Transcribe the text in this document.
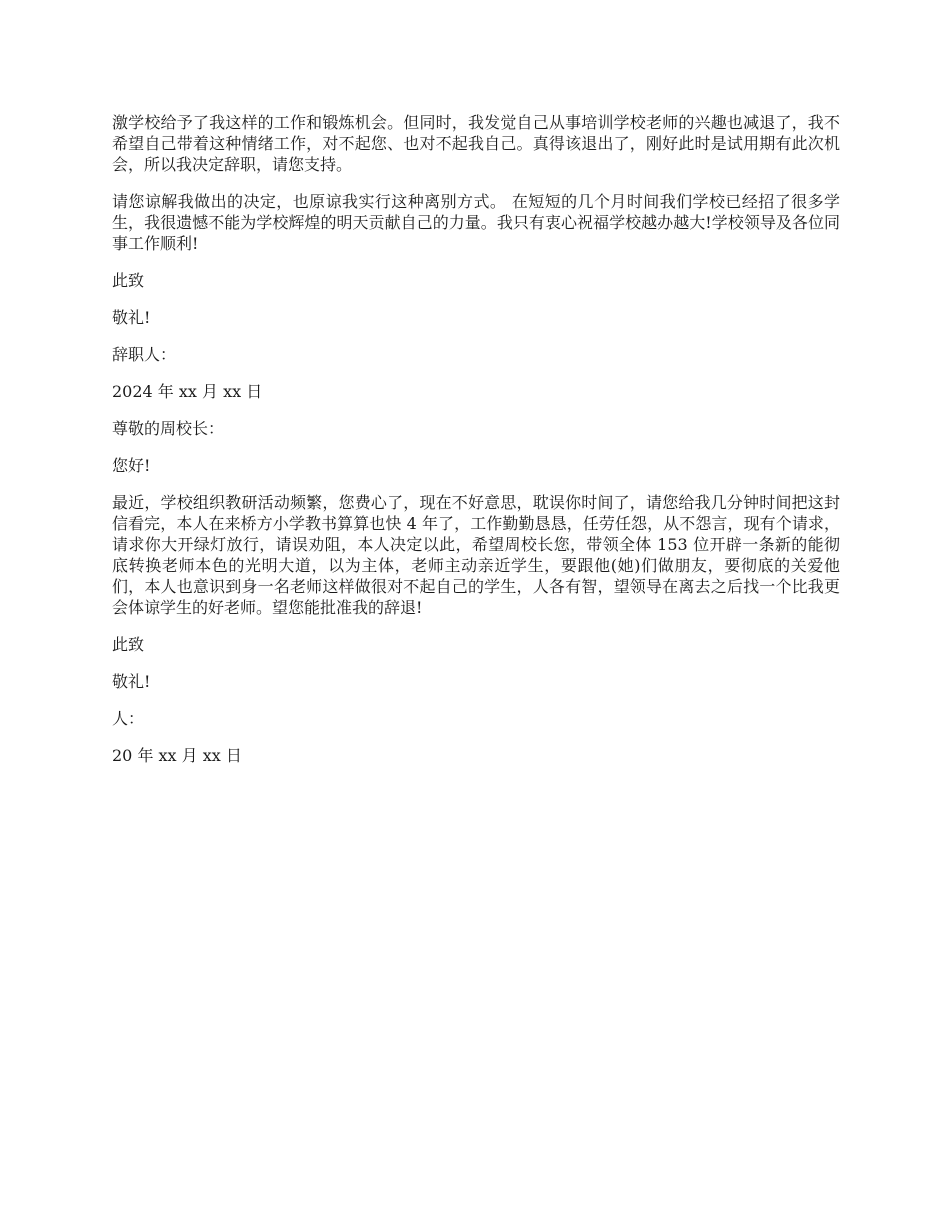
激学校给予了我这样的工作和锻炼机会。但同时，我发觉自己从事培训学校老师的兴趣也减退了，我不希望自己带着这种情绪工作，对不起您、也对不起我自己。真得该退出了，刚好此时是试用期有此次机会，所以我决定辞职，请您支持。

请您谅解我做出的决定，也原谅我实行这种离别方式。 在短短的几个月时间我们学校已经招了很多学生，我很遗憾不能为学校辉煌的明天贡献自己的力量。我只有衷心祝福学校越办越大!学校领导及各位同事工作顺利!

此致

敬礼!

辞职人：

2024 年 xx 月 xx 日

尊敬的周校长：

您好!

最近，学校组织教研活动频繁，您费心了，现在不好意思，耽误你时间了，请您给我几分钟时间把这封信看完，本人在来桥方小学教书算算也快 4 年了，工作勤勤恳恳，任劳任怨，从不怨言，现有个请求，请求你大开绿灯放行，请误劝阻，本人决定以此，希望周校长您，带领全体 153 位开辟一条新的能彻底转换老师本色的光明大道，以为主体，老师主动亲近学生，要跟他(她)们做朋友，要彻底的关爱他们，本人也意识到身一名老师这样做很对不起自己的学生，人各有智，望领导在离去之后找一个比我更会体谅学生的好老师。望您能批准我的辞退!

此致

敬礼!

人：

20 年 xx 月 xx 日
